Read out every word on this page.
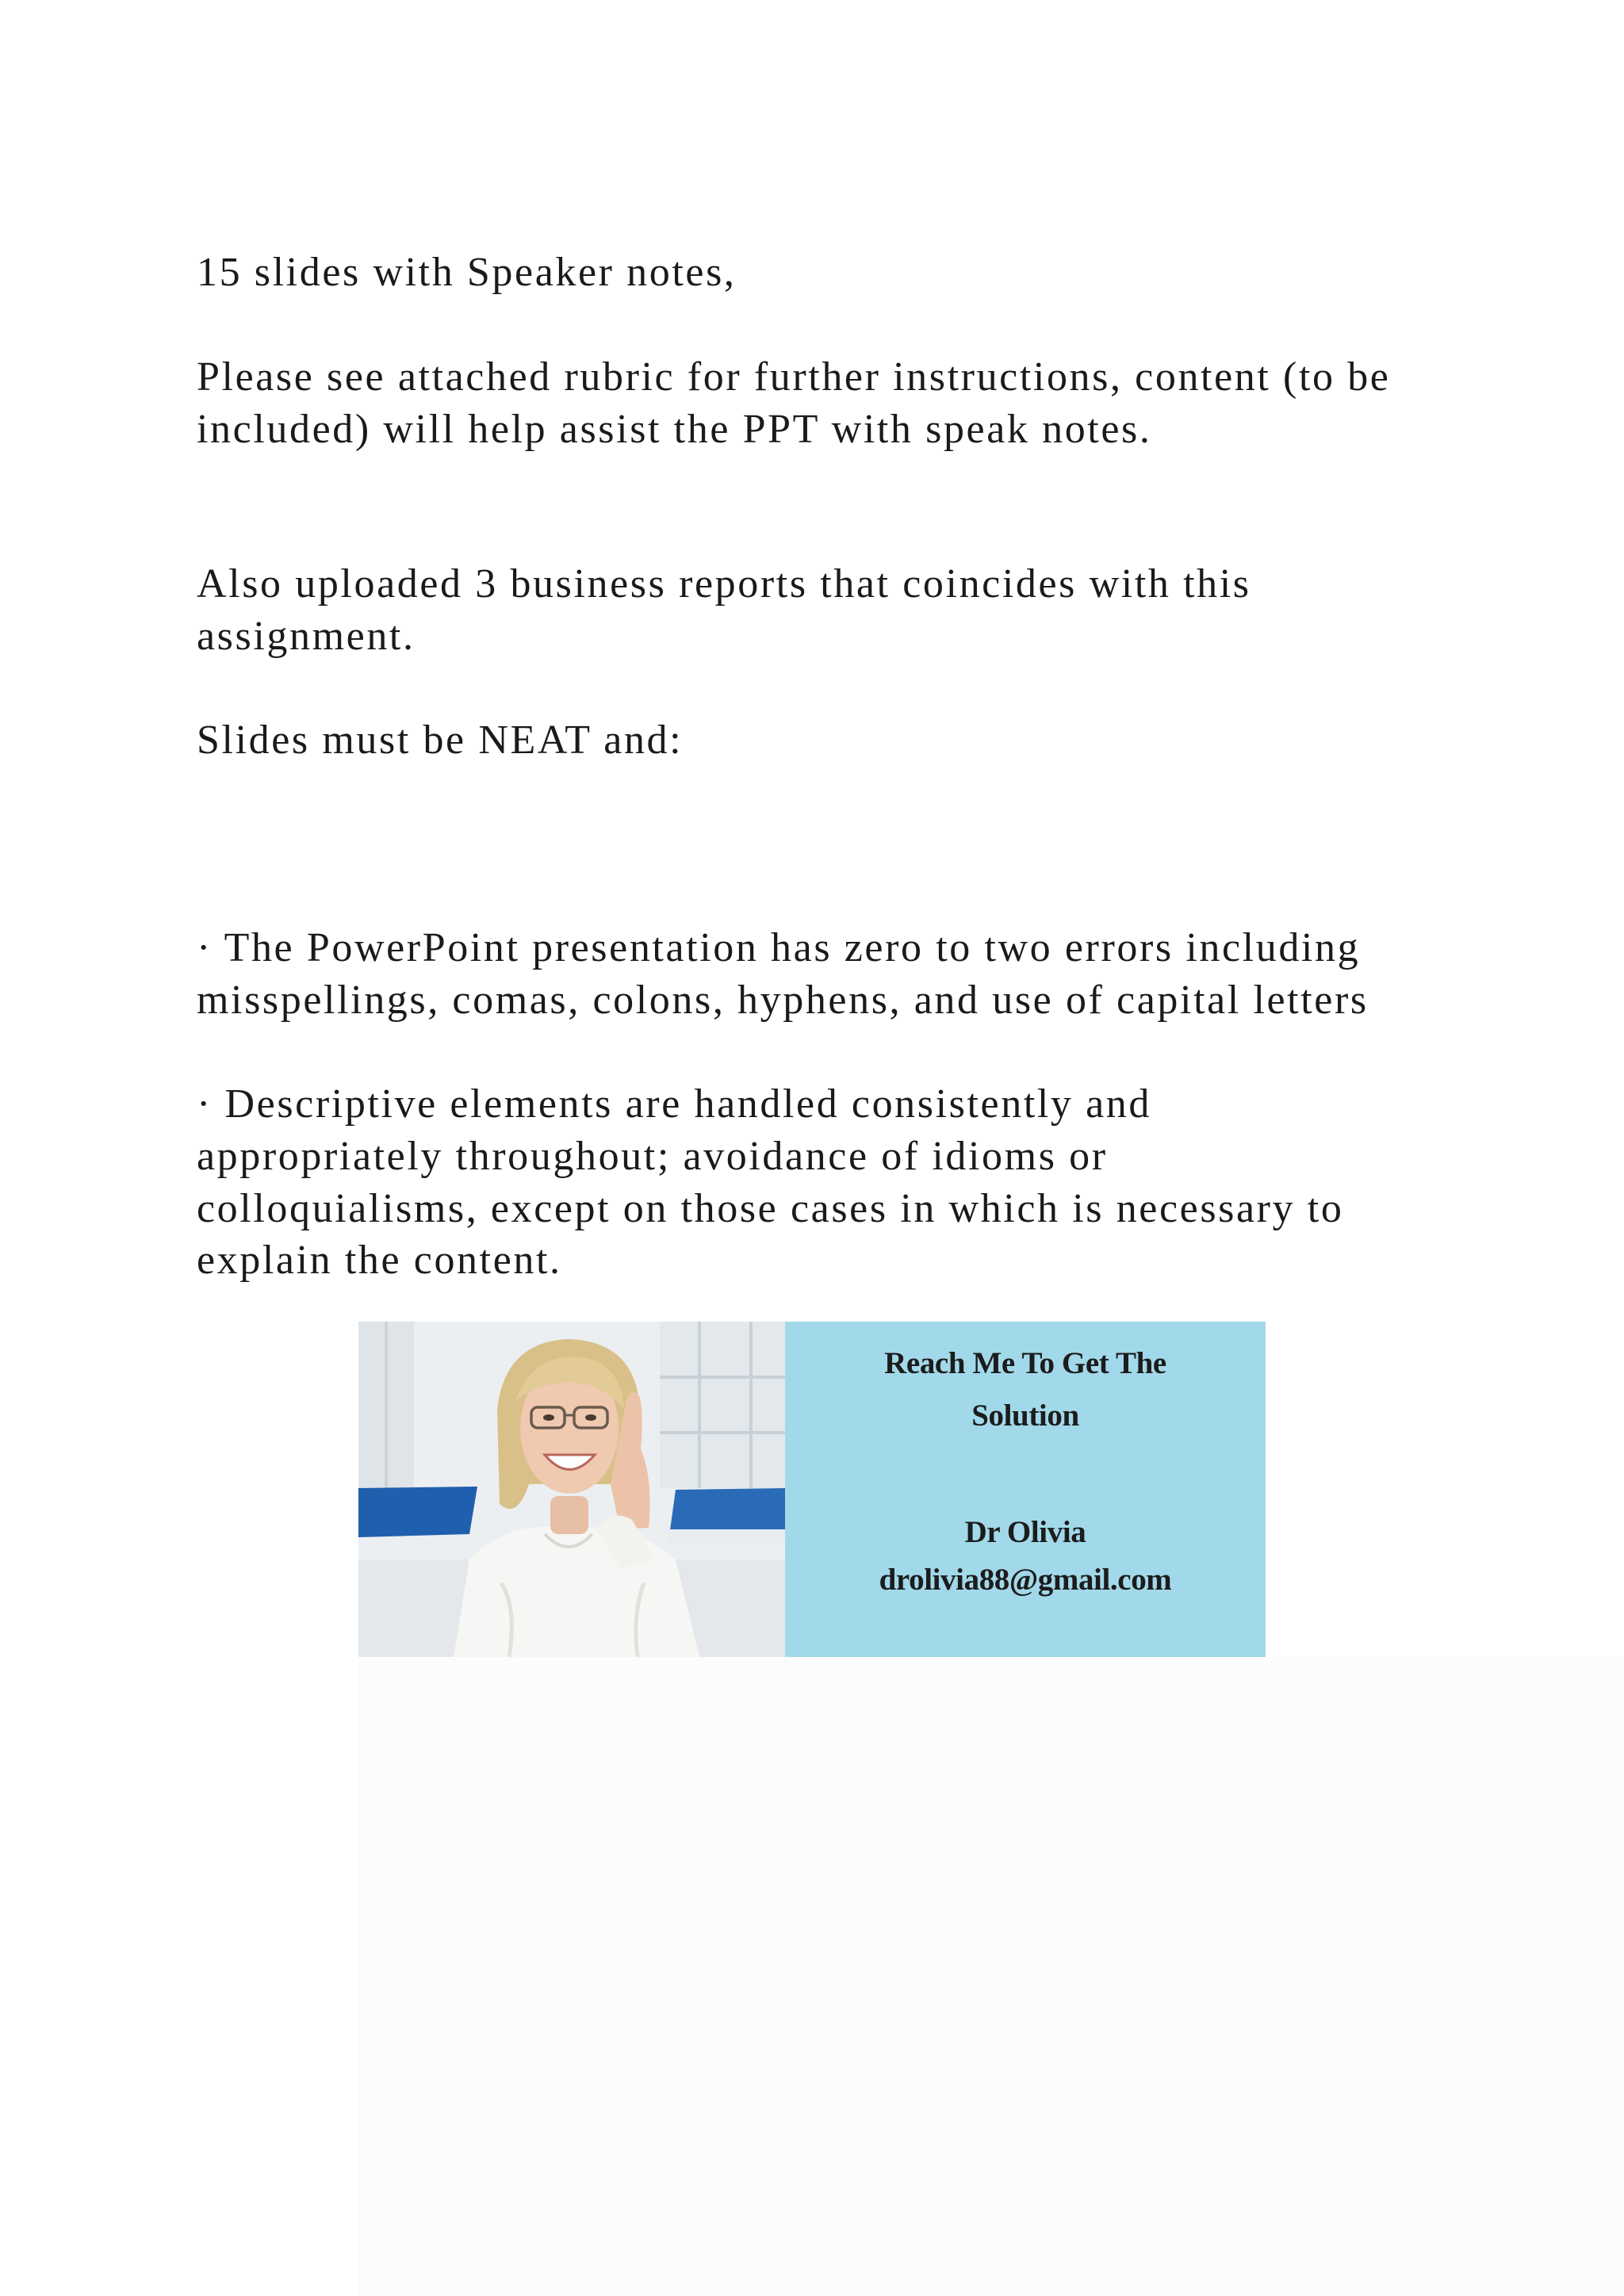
15 slides with Speaker notes,

Please see attached rubric for further instructions, content (to be

included) will help assist the PPT with speak notes.

Also uploaded 3 business reports that coincides with this

assignment.

Slides must be NEAT and:

· The PowerPoint presentation has zero to two errors including

misspellings, comas, colons, hyphens, and use of capital letters

· Descriptive elements are handled consistently and

appropriately throughout; avoidance of idioms or

colloquialisms, except on those cases in which is necessary to

explain the content.

Reach Me To Get The
Solution
Dr Olivia
drolivia88@gmail.com
